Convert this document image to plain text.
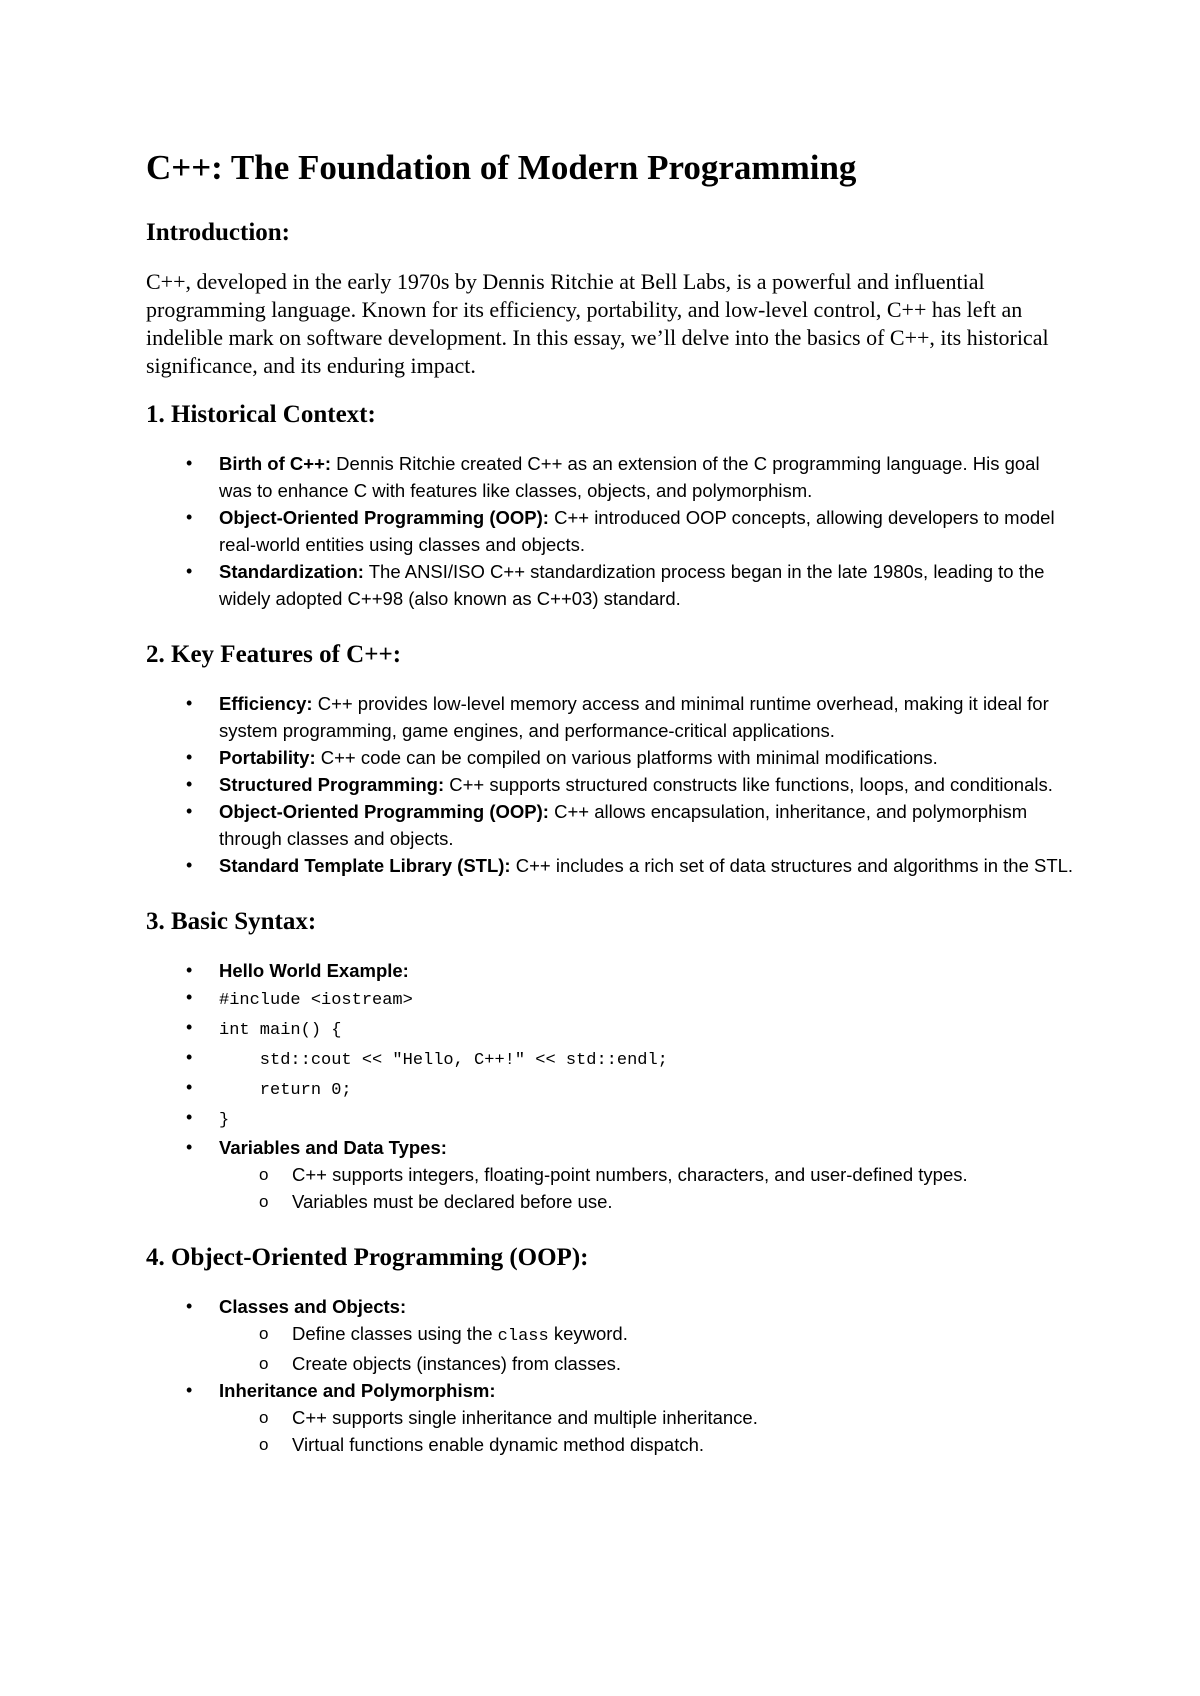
C++: The Foundation of Modern Programming
Introduction:

C++, developed in the early 1970s by Dennis Ritchie at Bell Labs, is a powerful and influential programming language. Known for its efficiency, portability, and low-level control, C++ has left an indelible mark on software development. In this essay, we’ll delve into the basics of C++, its historical significance, and its enduring impact.

1. Historical Context:
• Birth of C++: Dennis Ritchie created C++ as an extension of the C programming language. His goal was to enhance C with features like classes, objects, and polymorphism.
• Object-Oriented Programming (OOP): C++ introduced OOP concepts, allowing developers to model real-world entities using classes and objects.
• Standardization: The ANSI/ISO C++ standardization process began in the late 1980s, leading to the widely adopted C++98 (also known as C++03) standard.
2. Key Features of C++:
• Efficiency: C++ provides low-level memory access and minimal runtime overhead, making it ideal for system programming, game engines, and performance-critical applications.
• Portability: C++ code can be compiled on various platforms with minimal modifications.
• Structured Programming: C++ supports structured constructs like functions, loops, and conditionals.
• Object-Oriented Programming (OOP): C++ allows encapsulation, inheritance, and polymorphism through classes and objects.
• Standard Template Library (STL): C++ includes a rich set of data structures and algorithms in the STL.
3. Basic Syntax:
• Hello World Example:
• #include <iostream>
• int main() {
• std::cout << "Hello, C++!" << std::endl;
• return 0;
• }
• Variables and Data Types:
o C++ supports integers, floating-point numbers, characters, and user-defined types.
o Variables must be declared before use.
4. Object-Oriented Programming (OOP):
• Classes and Objects:
o Define classes using the class keyword.
o Create objects (instances) from classes.
• Inheritance and Polymorphism:
o C++ supports single inheritance and multiple inheritance.
o Virtual functions enable dynamic method dispatch.
